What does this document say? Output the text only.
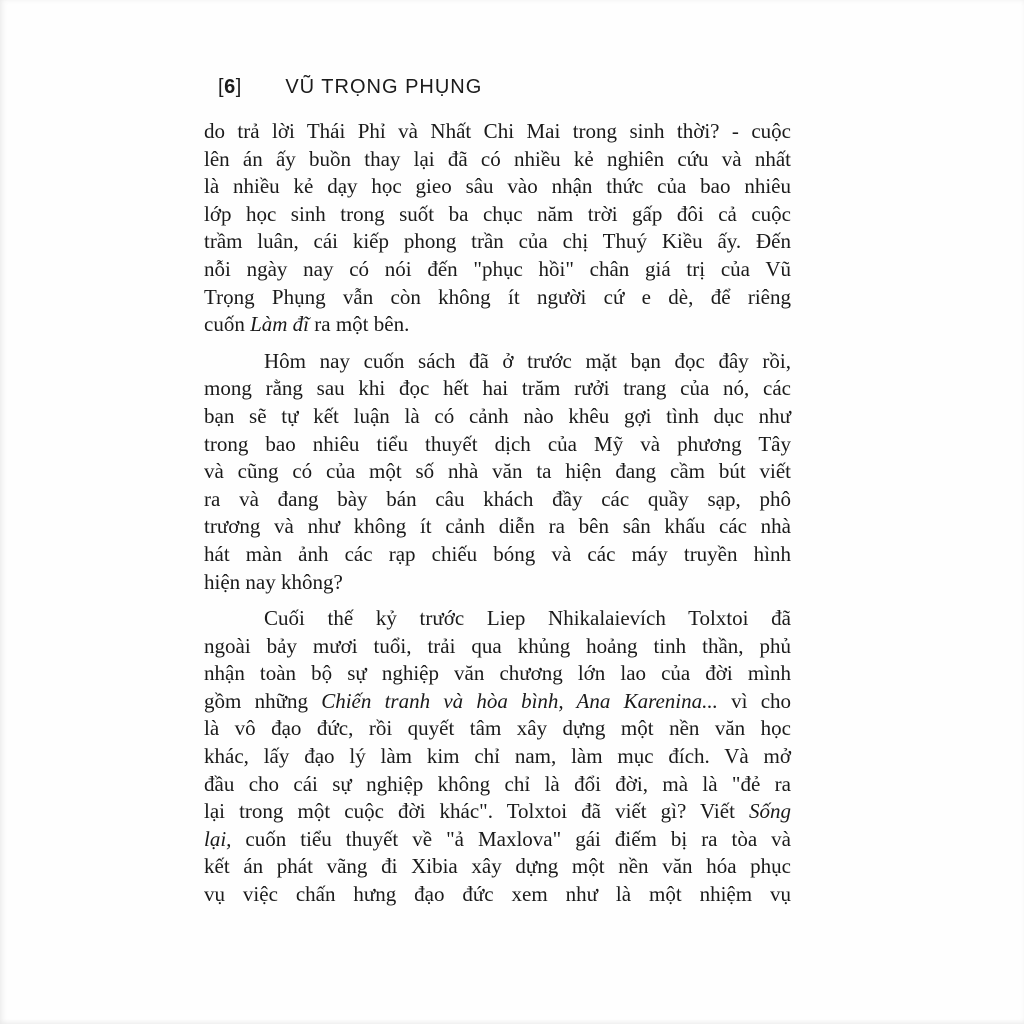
[6] VŨ TRỌNG PHỤNG
do trả lời Thái Phỉ và Nhất Chi Mai trong sinh thời? - cuộc
lên án ấy buồn thay lại đã có nhiều kẻ nghiên cứu và nhất
là nhiều kẻ dạy học gieo sâu vào nhận thức của bao nhiêu
lớp học sinh trong suốt ba chục năm trời gấp đôi cả cuộc
trầm luân, cái kiếp phong trần của chị Thuý Kiều ấy. Đến
nỗi ngày nay có nói đến "phục hồi" chân giá trị của Vũ
Trọng Phụng vẫn còn không ít người cứ e dè, để riêng
cuốn Làm đĩ ra một bên.
Hôm nay cuốn sách đã ở trước mặt bạn đọc đây rồi,
mong rằng sau khi đọc hết hai trăm rưởi trang của nó, các
bạn sẽ tự kết luận là có cảnh nào khêu gợi tình dục như
trong bao nhiêu tiểu thuyết dịch của Mỹ và phương Tây
và cũng có của một số nhà văn ta hiện đang cầm bút viết
ra và đang bày bán câu khách đầy các quầy sạp, phô
trương và như không ít cảnh diễn ra bên sân khấu các nhà
hát màn ảnh các rạp chiếu bóng và các máy truyền hình
hiện nay không?
Cuối thế kỷ trước Liep Nhikalaievích Tolxtoi đã
ngoài bảy mươi tuổi, trải qua khủng hoảng tinh thần, phủ
nhận toàn bộ sự nghiệp văn chương lớn lao của đời mình
gồm những Chiến tranh và hòa bình, Ana Karenina... vì cho
là vô đạo đức, rồi quyết tâm xây dựng một nền văn học
khác, lấy đạo lý làm kim chỉ nam, làm mục đích. Và mở
đầu cho cái sự nghiệp không chỉ là đổi đời, mà là "đẻ ra
lại trong một cuộc đời khác". Tolxtoi đã viết gì? Viết Sống
lại, cuốn tiểu thuyết về "ả Maxlova" gái điếm bị ra tòa và
kết án phát vãng đi Xibia xây dựng một nền văn hóa phục
vụ việc chấn hưng đạo đức xem như là một nhiệm vụ
